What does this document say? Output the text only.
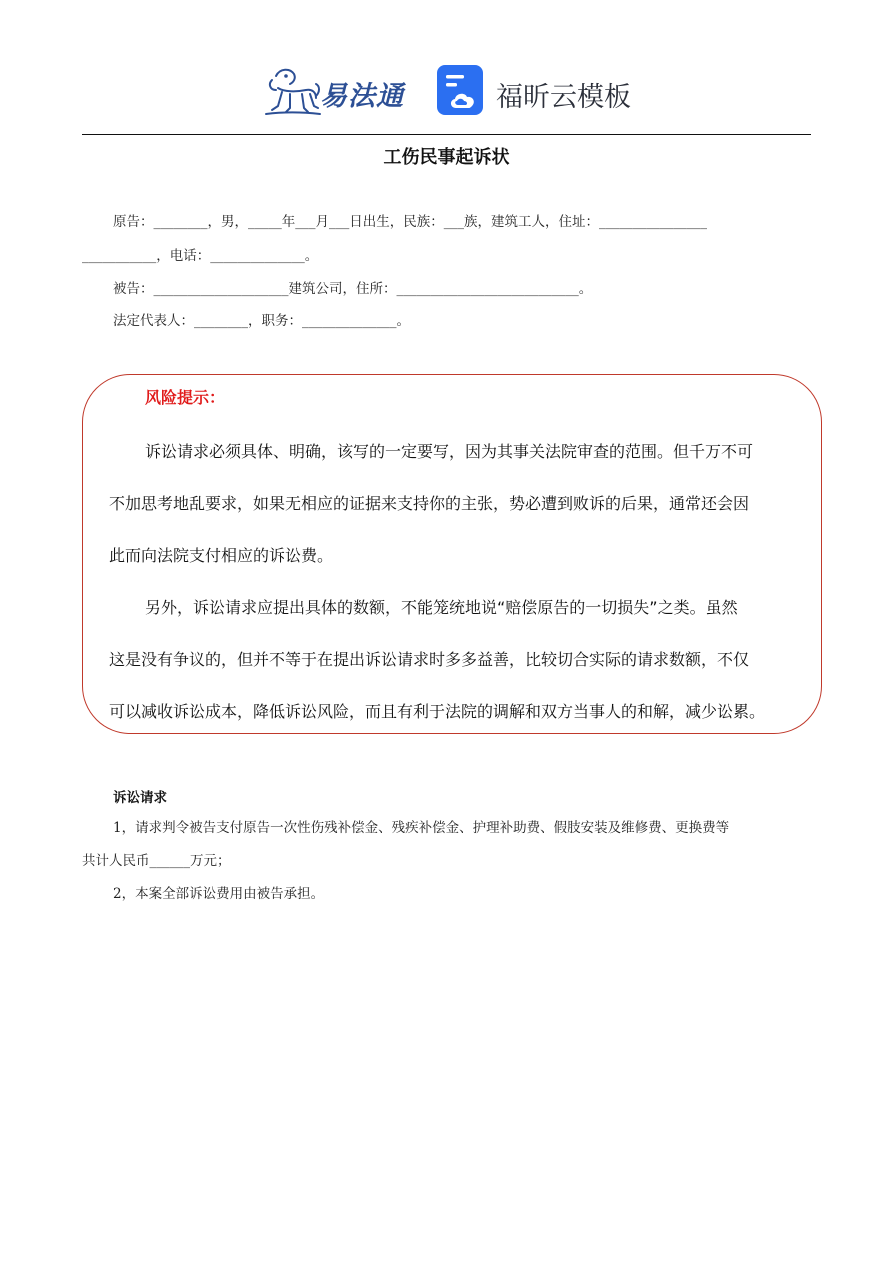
易法通	福昕云模板
工伤民事起诉状
原告：________，男，_____年___月___日出生，民族：___族，建筑工人，住址：________________
___________，电话：______________。
被告：____________________建筑公司，住所：___________________________。
法定代表人：________，职务：______________。
风险提示：
诉讼请求必须具体、明确，该写的一定要写，因为其事关法院审查的范围。但千万不可
不加思考地乱要求，如果无相应的证据来支持你的主张，势必遭到败诉的后果，通常还会因
此而向法院支付相应的诉讼费。
另外，诉讼请求应提出具体的数额，不能笼统地说“赔偿原告的一切损失”之类。虽然
这是没有争议的，但并不等于在提出诉讼请求时多多益善，比较切合实际的请求数额，不仅
可以减收诉讼成本，降低诉讼风险，而且有利于法院的调解和双方当事人的和解，减少讼累。
诉讼请求
1，请求判令被告支付原告一次性伤残补偿金、残疾补偿金、护理补助费、假肢安装及维修费、更换费等
共计人民币______万元；
2，本案全部诉讼费用由被告承担。
